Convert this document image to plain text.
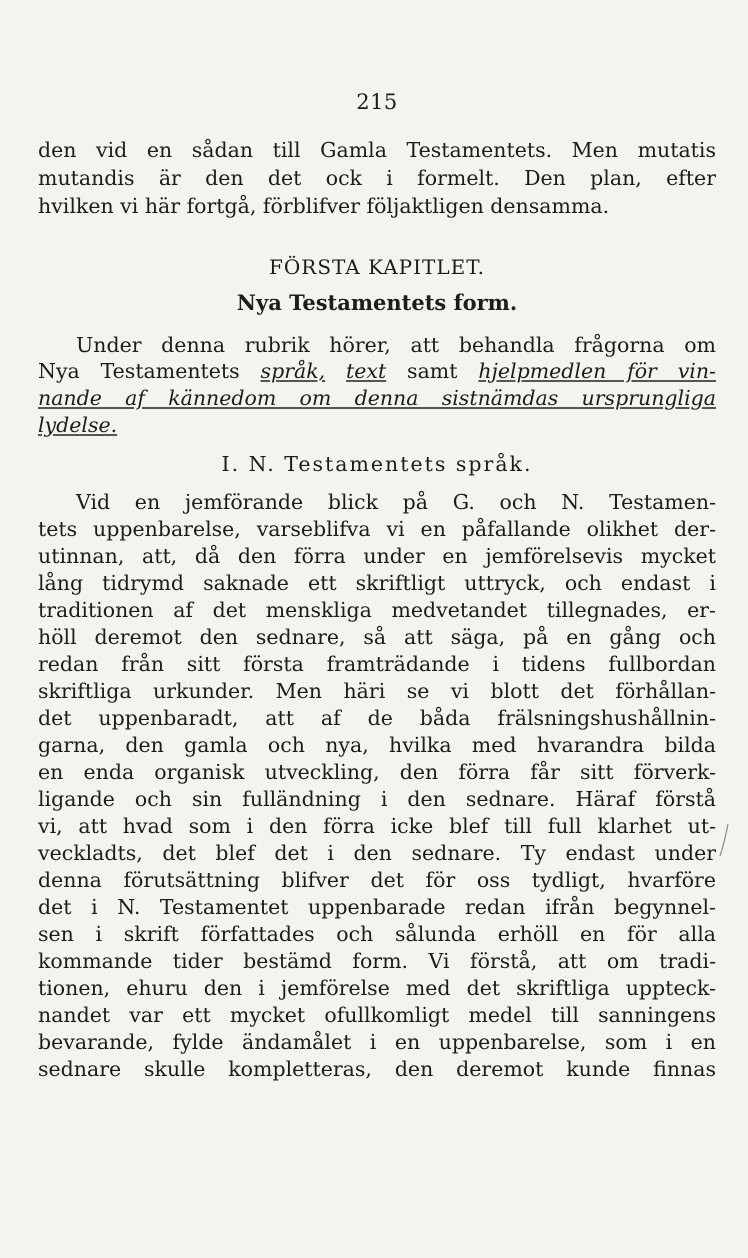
215
den vid en sådan till Gamla Testamentets. Men mutatis
mutandis är den det ock i formelt. Den plan, efter
hvilken vi här fortgå, förblifver följaktligen densamma.
FÖRSTA KAPITLET.
Nya Testamentets form.
Under denna rubrik hörer, att behandla frågorna om
Nya Testamentets språk, text samt hjelpmedlen för vin-
nande af kännedom om denna sistnämdas ursprungliga
lydelse.
I. N. Testamentets språk.
Vid en jemförande blick på G. och N. Testamen-
tets uppenbarelse, varseblifva vi en påfallande olikhet der-
utinnan, att, då den förra under en jemförelsevis mycket
lång tidrymd saknade ett skriftligt uttryck, och endast i
traditionen af det menskliga medvetandet tillegnades, er-
höll deremot den sednare, så att säga, på en gång och
redan från sitt första framträdande i tidens fullbordan
skriftliga urkunder. Men häri se vi blott det förhållan-
det uppenbaradt, att af de båda frälsningshushållnin-
garna, den gamla och nya, hvilka med hvarandra bilda
en enda organisk utveckling, den förra får sitt förverk-
ligande och sin fulländning i den sednare. Häraf förstå
vi, att hvad som i den förra icke blef till full klarhet ut-
veckladts, det blef det i den sednare. Ty endast under
denna förutsättning blifver det för oss tydligt, hvarföre
det i N. Testamentet uppenbarade redan ifrån begynnel-
sen i skrift författades och sålunda erhöll en för alla
kommande tider bestämd form. Vi förstå, att om tradi-
tionen, ehuru den i jemförelse med det skriftliga uppteck-
nandet var ett mycket ofullkomligt medel till sanningens
bevarande, fylde ändamålet i en uppenbarelse, som i en
sednare skulle kompletteras, den deremot kunde finnas
